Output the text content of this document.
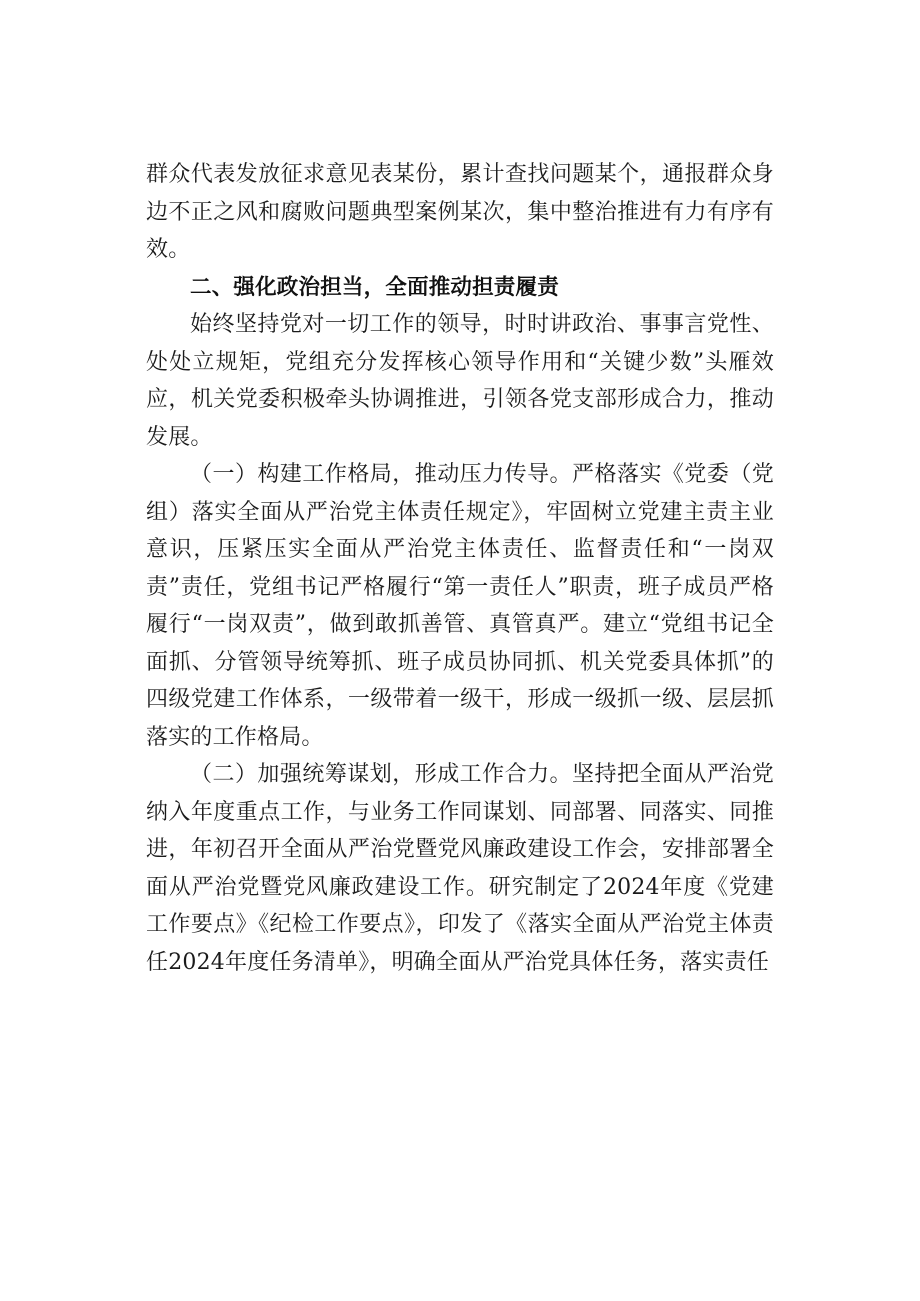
群众代表发放征求意见表某份，累计查找问题某个，通报群众身边不正之风和腐败问题典型案例某次，集中整治推进有力有序有效。

二、强化政治担当，全面推动担责履责

始终坚持党对一切工作的领导，时时讲政治、事事言党性、处处立规矩，党组充分发挥核心领导作用和“关键少数”头雁效应，机关党委积极牵头协调推进，引领各党支部形成合力，推动发展。

（一）构建工作格局，推动压力传导。严格落实《党委（党组）落实全面从严治党主体责任规定》，牢固树立党建主责主业意识，压紧压实全面从严治党主体责任、监督责任和“一岗双责”责任，党组书记严格履行“第一责任人”职责，班子成员严格履行“一岗双责”，做到敢抓善管、真管真严。建立“党组书记全面抓、分管领导统筹抓、班子成员协同抓、机关党委具体抓”的四级党建工作体系，一级带着一级干，形成一级抓一级、层层抓落实的工作格局。

（二）加强统筹谋划，形成工作合力。坚持把全面从严治党纳入年度重点工作，与业务工作同谋划、同部署、同落实、同推进，年初召开全面从严治党暨党风廉政建设工作会，安排部署全面从严治党暨党风廉政建设工作。研究制定了2024年度《党建工作要点》《纪检工作要点》，印发了《落实全面从严治党主体责任2024年度任务清单》，明确全面从严治党具体任务，落实责任
